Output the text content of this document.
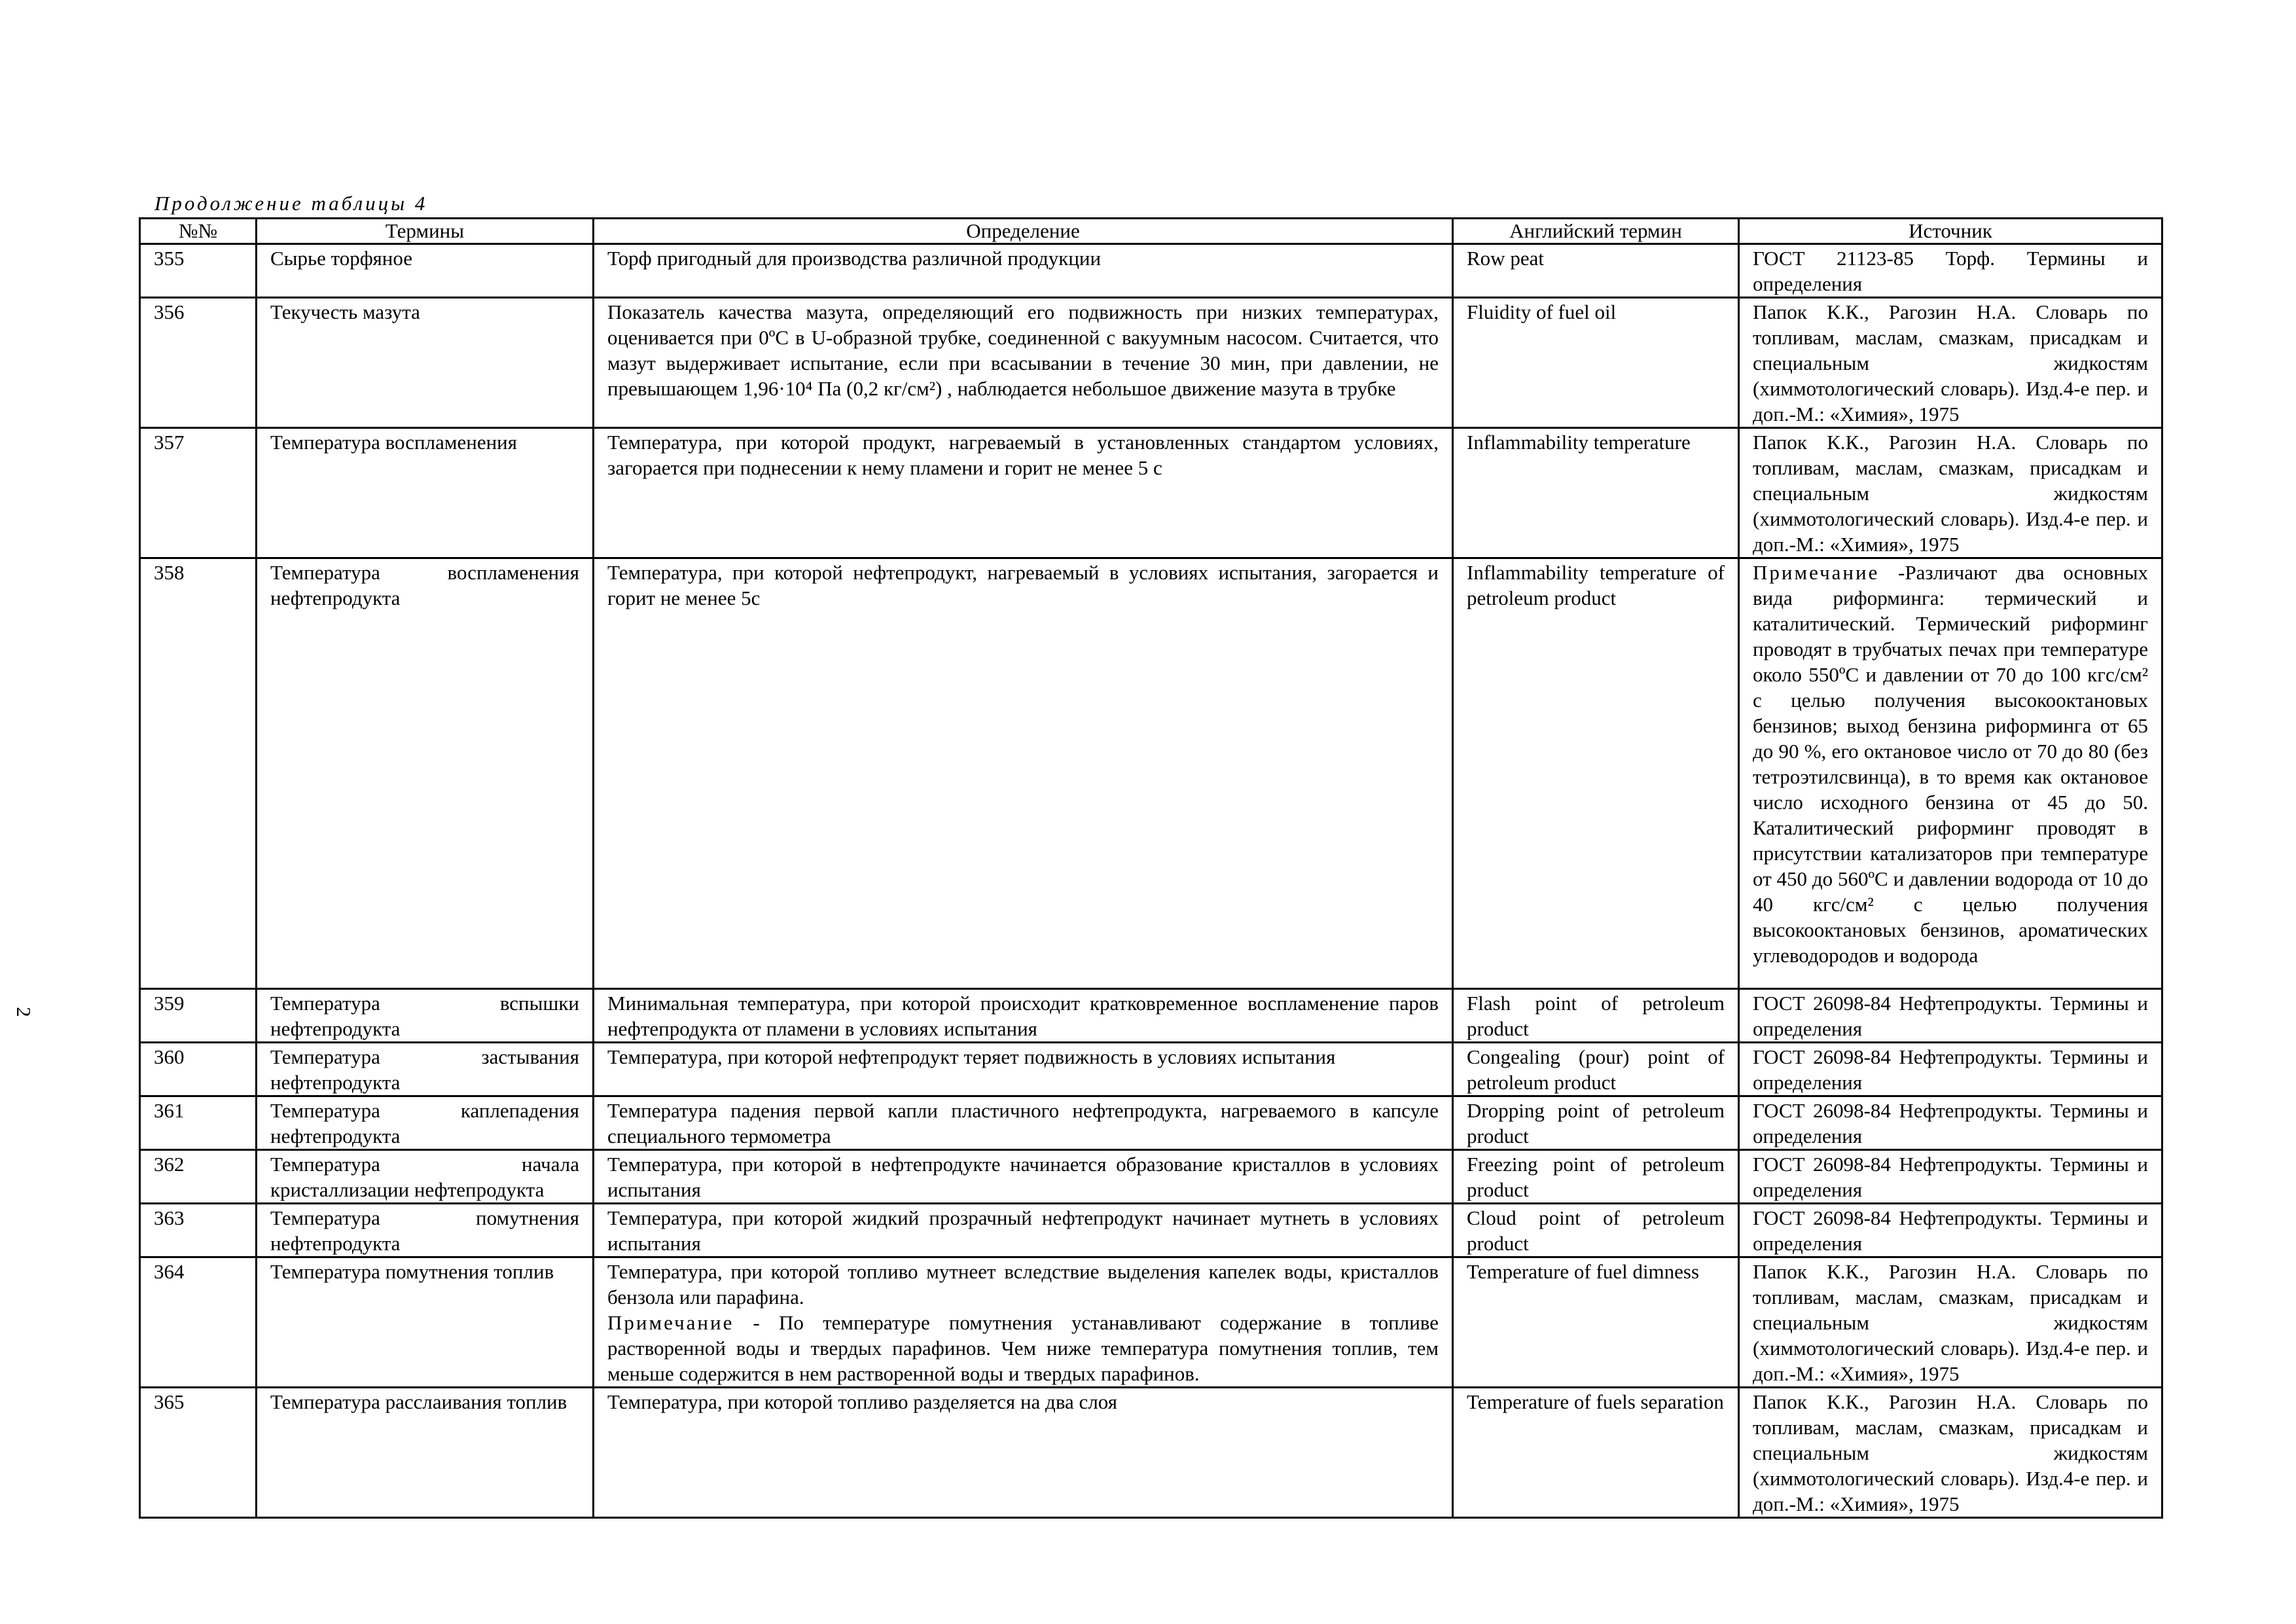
Продолжение таблицы 4
2
№№	Термины	Определение	Английский термин	Источник
355	Сырье торфяное	Торф пригодный для производства различной продукции	Row peat	ГОСТ 21123-85 Торф. Термины и определения
356	Текучесть мазута	Показатель качества мазута, определяющий его подвижность при низких температурах, оценивается при 0ºС в U-образной трубке, соединенной с вакуумным насосом. Считается, что мазут выдерживает испытание, если при всасывании в течение 30 мин, при давлении, не превышающем 1,96·10⁴ Па (0,2 кг/см²) , наблюдается небольшое движение мазута в трубке	Fluidity of fuel oil	Папок К.К., Рагозин Н.А. Словарь по топливам, маслам, смазкам, присадкам и специальным жидкостям (химмотологический словарь). Изд.4-е пер. и доп.-М.: «Химия», 1975
357	Температура воспламенения	Температура, при которой продукт, нагреваемый в установленных стандартом условиях, загорается при поднесении к нему пламени и горит не менее 5 с	Inflammability temperature	Папок К.К., Рагозин Н.А. Словарь по топливам, маслам, смазкам, присадкам и специальным жидкостям (химмотологический словарь). Изд.4-е пер. и доп.-М.: «Химия», 1975
358	Температура воспламенения нефтепродукта	Температура, при которой нефтепродукт, нагреваемый в условиях испытания, загорается и горит не менее 5с	Inflammability temperature of petroleum product	Примечание -Различают два основных вида риформинга: термический и каталитический. Термический риформинг проводят в трубчатых печах при температуре около 550ºС и давлении от 70 до 100 кгс/см² с целью получения высокооктановых бензинов; выход бензина риформинга от 65 до 90 %, его октановое число от 70 до 80 (без тетроэтилсвинца), в то время как октановое число исходного бензина от 45 до 50. Каталитический риформинг проводят в присутствии катализаторов при температуре от 450 до 560ºС и давлении водорода от 10 до 40 кгс/см² с целью получения высокооктановых бензинов, ароматических углеводородов и водорода
359	Температура вспышки нефтепродукта	Минимальная температура, при которой происходит кратковременное воспламенение паров нефтепродукта от пламени в условиях испытания	Flash point of petroleum product	ГОСТ 26098-84 Нефтепродукты. Термины и определения
360	Температура застывания нефтепродукта	Температура, при которой нефтепродукт теряет подвижность в условиях испытания	Congealing (pour) point of petroleum product	ГОСТ 26098-84 Нефтепродукты. Термины и определения
361	Температура каплепадения нефтепродукта	Температура падения первой капли пластичного нефтепродукта, нагреваемого в капсуле специального термометра	Dropping point of petroleum product	ГОСТ 26098-84 Нефтепродукты. Термины и определения
362	Температура начала кристаллизации нефтепродукта	Температура, при которой в нефтепродукте начинается образование кристаллов в условиях испытания	Freezing point of petroleum product	ГОСТ 26098-84 Нефтепродукты. Термины и определения
363	Температура помутнения нефтепродукта	Температура, при которой жидкий прозрачный нефтепродукт начинает мутнеть в условиях испытания	Cloud point of petroleum product	ГОСТ 26098-84 Нефтепродукты. Термины и определения
364	Температура помутнения топлив	Температура, при которой топливо мутнеет вследствие выделения капелек воды, кристаллов бензола или парафина.
Примечание - По температуре помутнения устанавливают содержание в топливе растворенной воды и твердых парафинов. Чем ниже температура помутнения топлив, тем меньше содержится в нем растворенной воды и твердых парафинов.	Temperature of fuel dimness	Папок К.К., Рагозин Н.А. Словарь по топливам, маслам, смазкам, присадкам и специальным жидкостям (химмотологический словарь). Изд.4-е пер. и доп.-М.: «Химия», 1975
365	Температура расслаивания топлив	Температура, при которой топливо разделяется на два слоя	Temperature of fuels separation	Папок К.К., Рагозин Н.А. Словарь по топливам, маслам, смазкам, присадкам и специальным жидкостям (химмотологический словарь). Изд.4-е пер. и доп.-М.: «Химия», 1975
